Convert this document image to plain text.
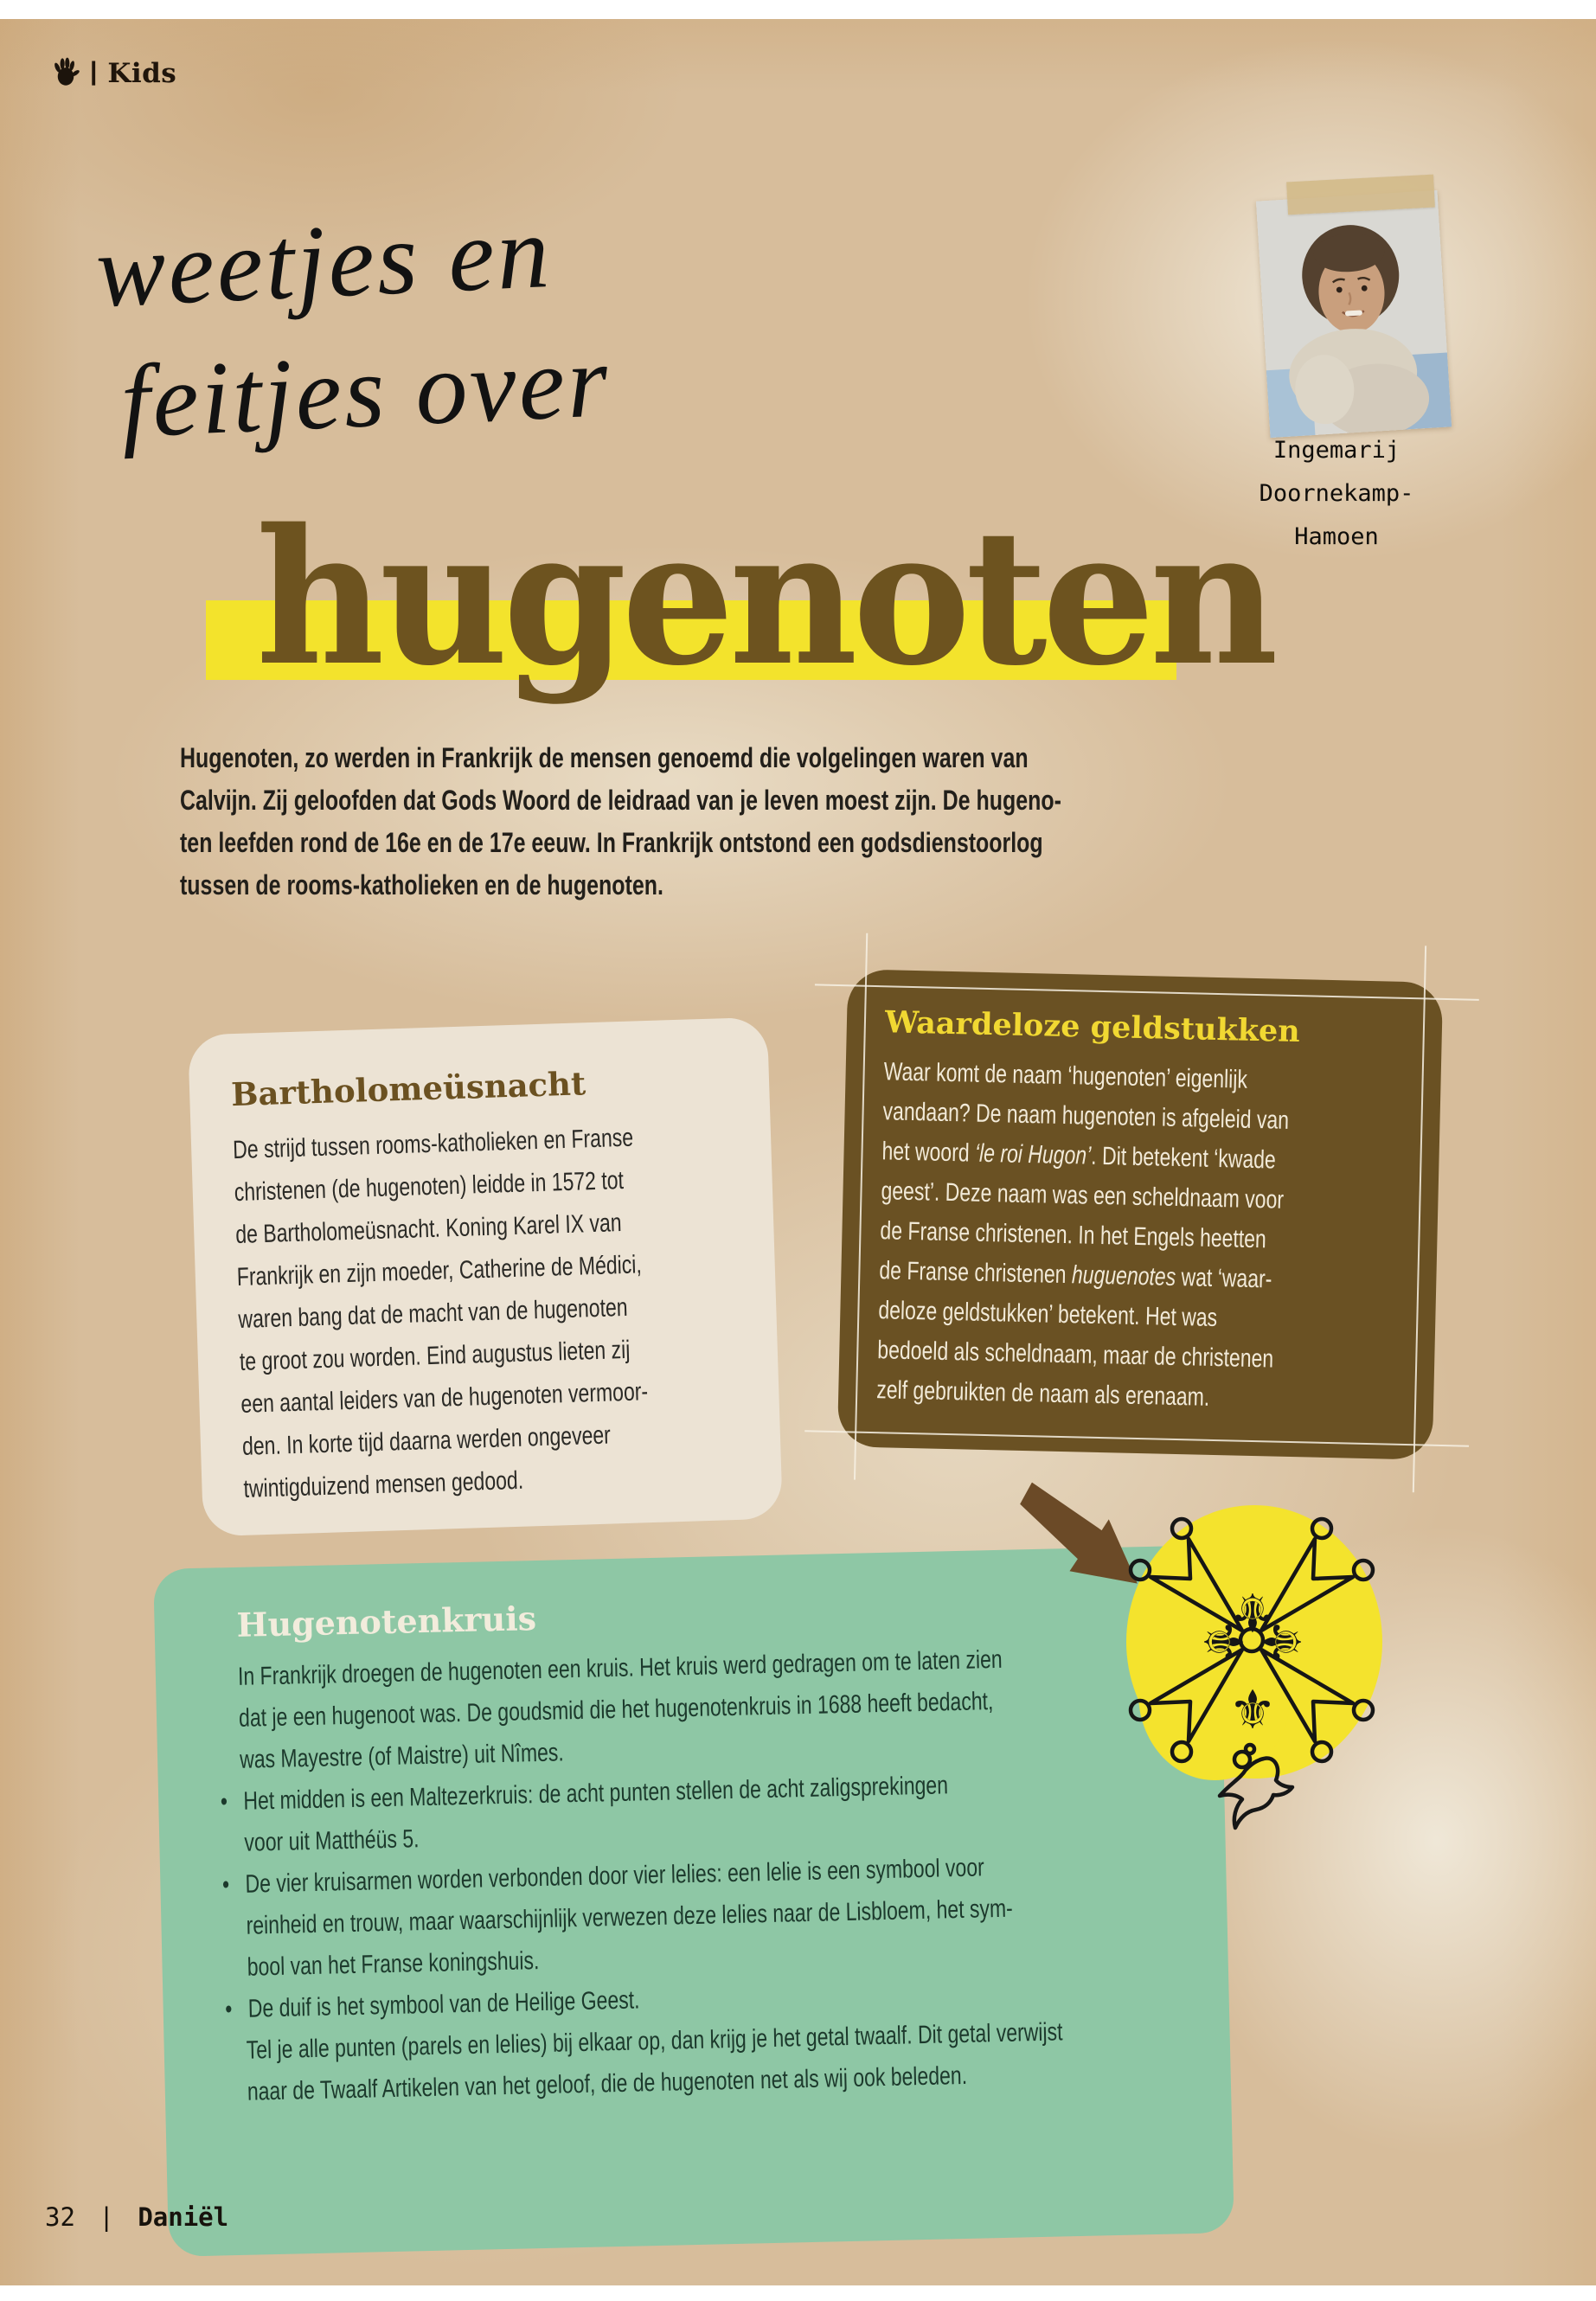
| Kids
weetjes en
feitjes over
hugenoten
Ingemarij
Doornekamp-
Hamoen
Hugenoten, zo werden in Frankrijk de mensen genoemd die volgelingen waren van
Calvijn. Zij geloofden dat Gods Woord de leidraad van je leven moest zijn. De hugeno-
ten leefden rond de 16e en de 17e eeuw. In Frankrijk ontstond een godsdienstoorlog
tussen de rooms-katholieken en de hugenoten.
Bartholomeüsnacht
De strijd tussen rooms-katholieken en Franse
christenen (de hugenoten) leidde in 1572 tot
de Bartholomeüsnacht. Koning Karel IX van
Frankrijk en zijn moeder, Catherine de Médici,
waren bang dat de macht van de hugenoten
te groot zou worden. Eind augustus lieten zij
een aantal leiders van de hugenoten vermoor-
den. In korte tijd daarna werden ongeveer
twintigduizend mensen gedood.
Waardeloze geldstukken
Waar komt de naam ‘hugenoten’ eigenlijk
vandaan? De naam hugenoten is afgeleid van
het woord ‘le roi Hugon’. Dit betekent ‘kwade
geest’. Deze naam was een scheldnaam voor
de Franse christenen. In het Engels heetten
de Franse christenen huguenotes wat ‘waar-
deloze geldstukken’ betekent. Het was
bedoeld als scheldnaam, maar de christenen
zelf gebruikten de naam als erenaam.
Hugenotenkruis
In Frankrijk droegen de hugenoten een kruis. Het kruis werd gedragen om te laten zien
dat je een hugenoot was. De goudsmid die het hugenotenkruis in 1688 heeft bedacht,
was Mayestre (of Maistre) uit Nîmes.
• Het midden is een Maltezerkruis: de acht punten stellen de acht zaligsprekingen
voor uit Matthéüs 5.
• De vier kruisarmen worden verbonden door vier lelies: een lelie is een symbool voor
reinheid en trouw, maar waarschijnlijk verwezen deze lelies naar de Lisbloem, het sym-
bool van het Franse koningshuis.
• De duif is het symbool van de Heilige Geest.
Tel je alle punten (parels en lelies) bij elkaar op, dan krijg je het getal twaalf. Dit getal verwijst
naar de Twaalf Artikelen van het geloof, die de hugenoten net als wij ook beleden.
⚜
⚜
⚜
⚜
32 | Daniël
